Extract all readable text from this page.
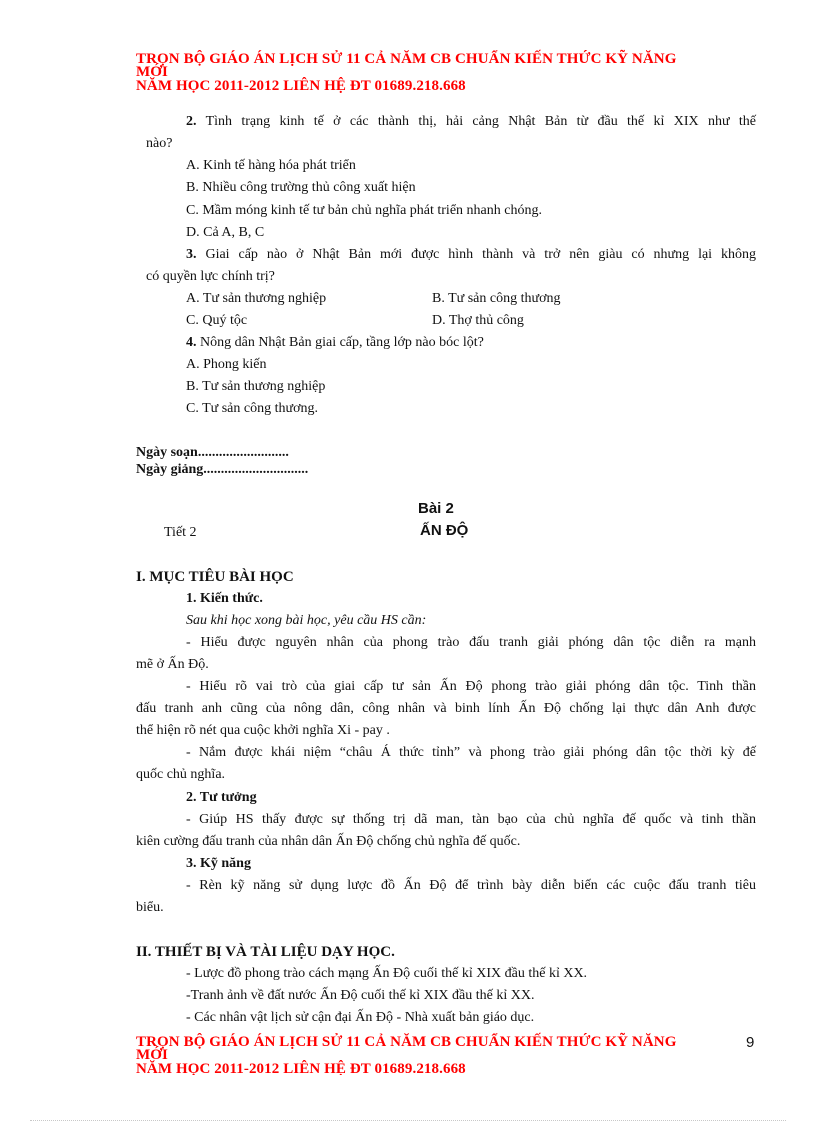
TRỌN BỘ GIÁO ÁN LỊCH SỬ 11 CẢ NĂM CB CHUẨN KIẾN THỨC KỸ NĂNG
MỚI
NĂM HỌC 2011-2012 LIÊN HỆ ĐT 01689.218.668
2. Tình trạng kinh tế ở các thành thị, hải cảng Nhật Bản từ đầu thế kỉ XIX như thế
nào?
A. Kinh tế hàng hóa phát triển
B. Nhiều công trường thủ công xuất hiện
C. Mầm móng kinh tế tư bản chủ nghĩa phát triển nhanh chóng.
D. Cả A, B, C
3. Giai cấp nào ở Nhật Bản mới được hình thành và trở nên giàu có nhưng lại không
có quyền lực chính trị?
A. Tư sản thương nghiệp	B. Tư sản công thương
C. Quý tộc	D. Thợ thủ công
4. Nông dân Nhật Bản giai cấp, tầng lớp nào bóc lột?
A. Phong kiến
B. Tư sản thương nghiệp
C. Tư sản công thương.
Ngày soạn..........................
Ngày giảng..............................
Bài 2
Tiết 2	ẤN ĐỘ
I. MỤC TIÊU BÀI HỌC
1. Kiến thức.
Sau khi học xong bài học, yêu cầu HS cần:
- Hiểu được nguyên nhân của phong trào đấu tranh giải phóng dân tộc diễn ra mạnh
mẽ ở Ấn Độ.
- Hiểu rõ vai trò của giai cấp tư sản Ấn Độ phong trào giải phóng dân tộc. Tinh thần
đấu tranh anh cũng của nông dân, công nhân và binh lính Ấn Độ chống lại thực dân Anh được
thể hiện rõ nét qua cuộc khởi nghĩa Xi - pay .
- Nắm được khái niệm “châu Á thức tỉnh” và phong trào giải phóng dân tộc thời kỳ đế
quốc chủ nghĩa.
2. Tư tưởng
- Giúp HS thấy được sự thống trị dã man, tàn bạo của chủ nghĩa đế quốc và tinh thần
kiên cường đấu tranh của nhân dân Ấn Độ chống chủ nghĩa đế quốc.
3. Kỹ năng
- Rèn kỹ năng sử dụng lược đồ Ấn Độ để trình bày diễn biến các cuộc đấu tranh tiêu
biểu.
II. THIẾT BỊ VÀ TÀI LIỆU DẠY HỌC.
- Lược đồ phong trào cách mạng Ấn Độ cuối thế kỉ XIX đầu thế kỉ XX.
-Tranh ảnh về đất nước Ấn Độ cuối thế kỉ XIX đầu thế kỉ XX.
- Các nhân vật lịch sử cận đại Ấn Độ - Nhà xuất bản giáo dục.
TRỌN BỘ GIÁO ÁN LỊCH SỬ 11 CẢ NĂM CB CHUẨN KIẾN THỨC KỸ NĂNG
MỚI
NĂM HỌC 2011-2012 LIÊN HỆ ĐT 01689.218.668
9
